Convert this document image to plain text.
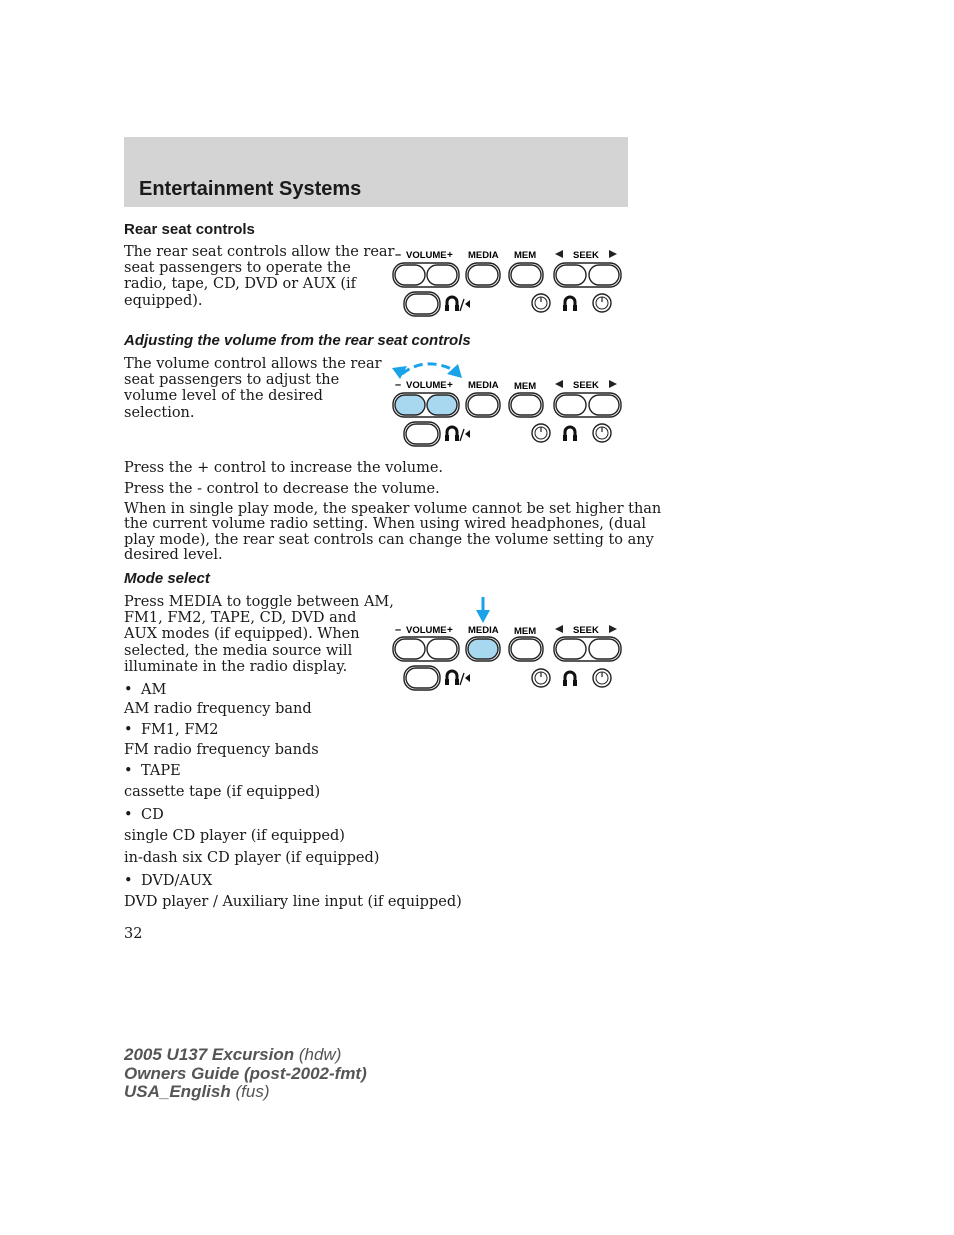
Entertainment Systems
Rear seat controls
The rear seat controls allow the rear
seat passengers to operate the
radio, tape, CD, DVD or AUX (if
equipped).
– VOLUME + MEDIA MEM	SEEK
Adjusting the volume from the rear seat controls
The volume control allows the rear
seat passengers to adjust the
volume level of the desired
selection.
– VOLUME + MEDIA MEM	SEEK
Press the + control to increase the volume.
Press the - control to decrease the volume.
When in single play mode, the speaker volume cannot be set higher than
the current volume radio setting. When using wired headphones, (dual
play mode), the rear seat controls can change the volume setting to any
desired level.
Mode select
Press MEDIA to toggle between AM,
FM1, FM2, TAPE, CD, DVD and
AUX modes (if equipped). When
selected, the media source will
illuminate in the radio display.
– VOLUME + MEDIA MEM	SEEK
• AM
AM radio frequency band
• FM1, FM2
FM radio frequency bands
• TAPE
cassette tape (if equipped)
• CD
single CD player (if equipped)
in-dash six CD player (if equipped)
• DVD/AUX
DVD player / Auxiliary line input (if equipped)
32
2005 U137 Excursion (hdw)
Owners Guide (post-2002-fmt)
USA_English (fus)
